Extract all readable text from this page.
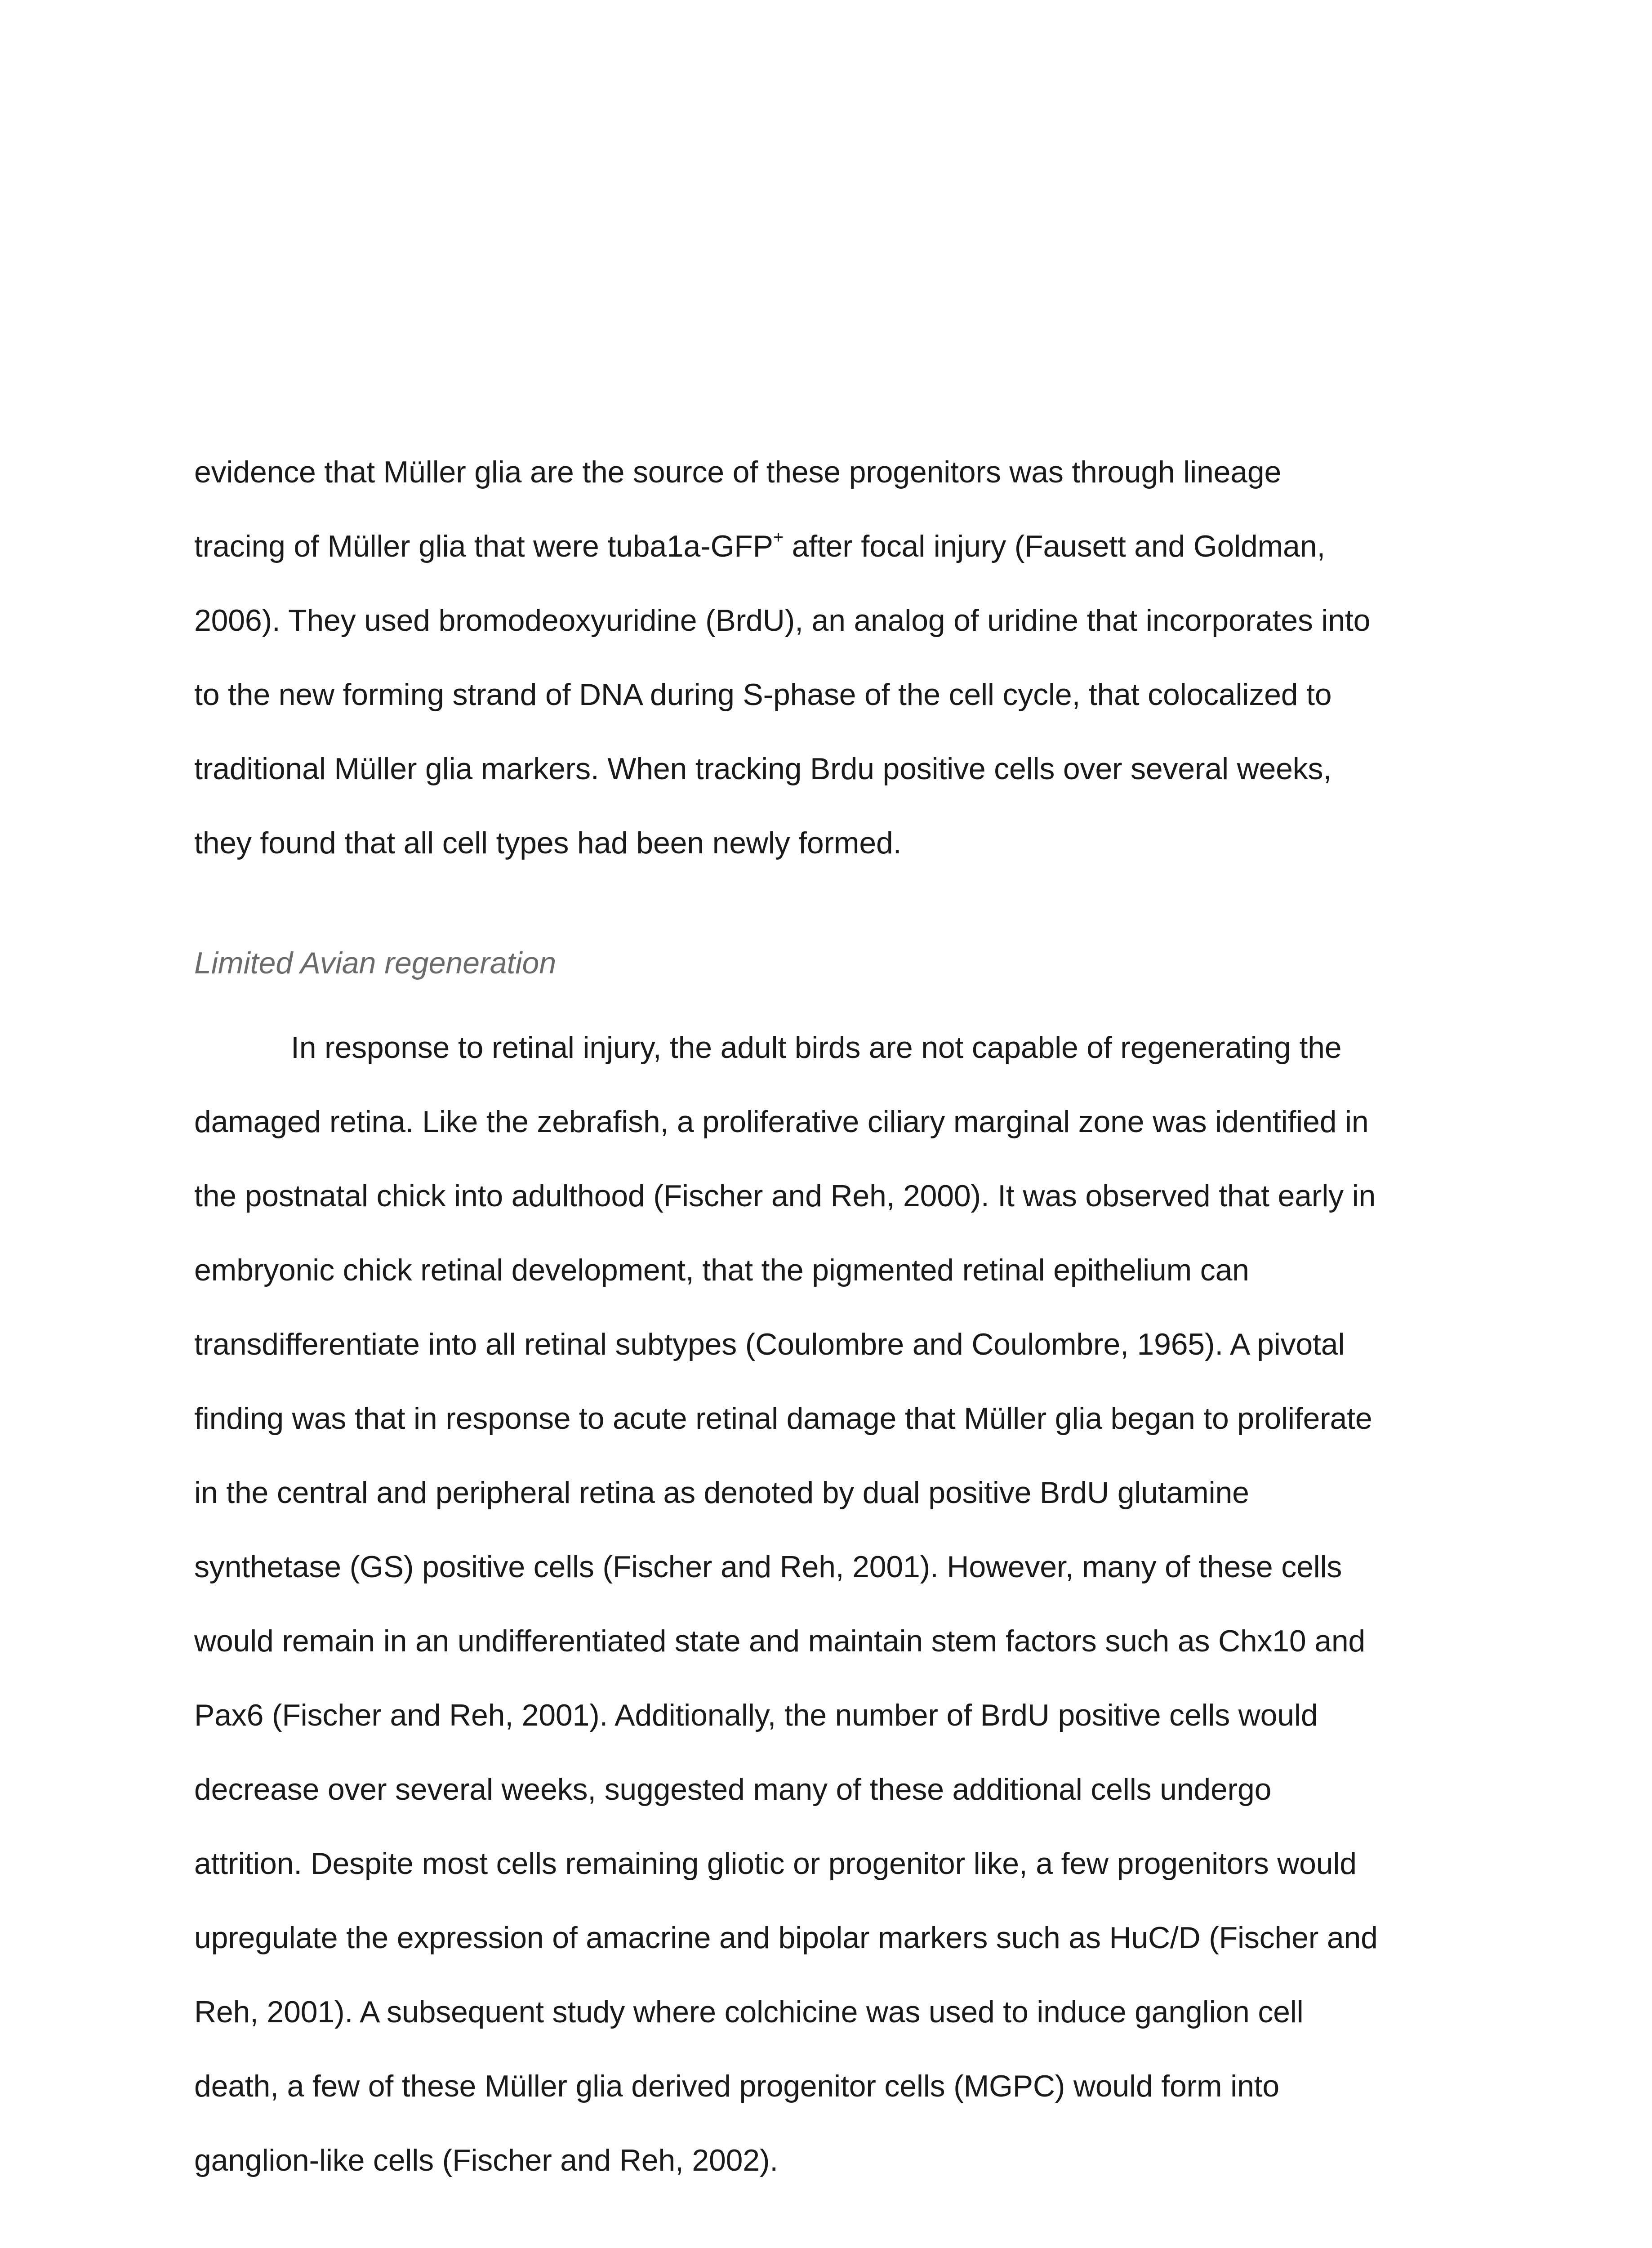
evidence that Müller glia are the source of these progenitors was through lineage
tracing of Müller glia that were tuba1a-GFP+ after focal injury (Fausett and Goldman,
2006). They used bromodeoxyuridine (BrdU), an analog of uridine that incorporates into
to the new forming strand of DNA during S-phase of the cell cycle, that colocalized to
traditional Müller glia markers. When tracking Brdu positive cells over several weeks,
they found that all cell types had been newly formed.
Limited Avian regeneration
In response to retinal injury, the adult birds are not capable of regenerating the
damaged retina. Like the zebrafish, a proliferative ciliary marginal zone was identified in
the postnatal chick into adulthood (Fischer and Reh, 2000). It was observed that early in
embryonic chick retinal development, that the pigmented retinal epithelium can
transdifferentiate into all retinal subtypes (Coulombre and Coulombre, 1965). A pivotal
finding was that in response to acute retinal damage that Müller glia began to proliferate
in the central and peripheral retina as denoted by dual positive BrdU glutamine
synthetase (GS) positive cells (Fischer and Reh, 2001). However, many of these cells
would remain in an undifferentiated state and maintain stem factors such as Chx10 and
Pax6 (Fischer and Reh, 2001). Additionally, the number of BrdU positive cells would
decrease over several weeks, suggested many of these additional cells undergo
attrition. Despite most cells remaining gliotic or progenitor like, a few progenitors would
upregulate the expression of amacrine and bipolar markers such as HuC/D (Fischer and
Reh, 2001). A subsequent study where colchicine was used to induce ganglion cell
death, a few of these Müller glia derived progenitor cells (MGPC) would form into
ganglion-like cells (Fischer and Reh, 2002).
